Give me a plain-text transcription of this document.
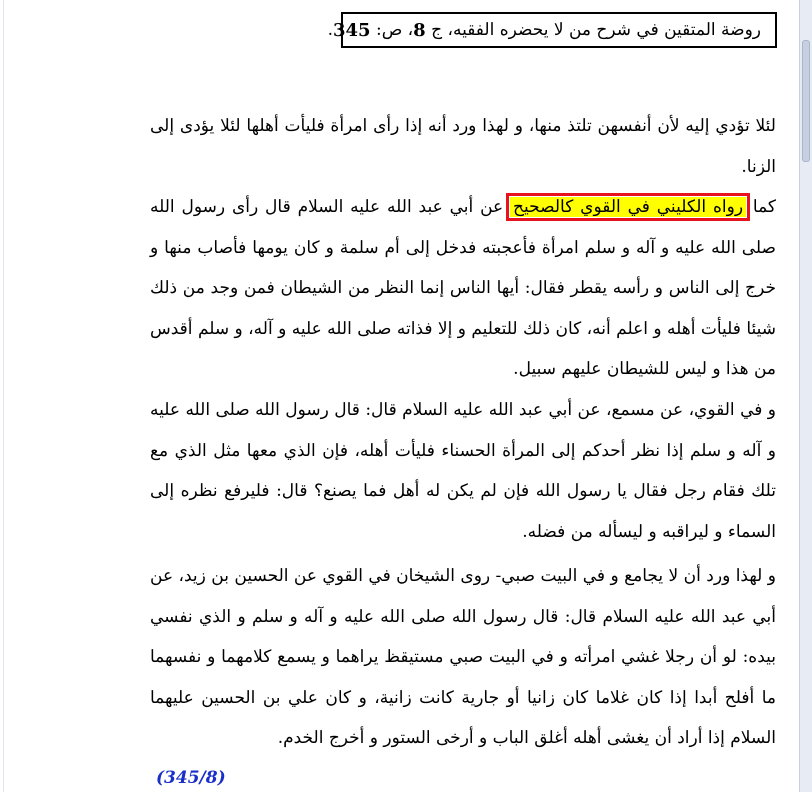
روضة المتقين في شرح من لا يحضره الفقيه، ج

8
،
ص:

345
.
لئلا تؤدي إليه لأن أنفسهن تلتذ منها، و لهذا ورد أنه إذا رأى امرأة فليأت أهلها لئلا يؤدى إلى الزنا.
كما رواه الكليني في القوي كالصحيح عن أبي عبد الله عليه السلام قال رأى رسول الله صلى الله عليه و آله و سلم امرأة فأعجبته فدخل إلى أم سلمة و كان يومها فأصاب منها و خرج إلى الناس و رأسه يقطر فقال: أيها الناس إنما النظر من الشيطان فمن وجد من ذلك شيئا فليأت أهله و اعلم أنه، كان ذلك للتعليم و إلا فذاته صلى الله عليه و آله، و سلم أقدس من هذا و ليس للشيطان عليهم سبيل.
و في القوي، عن مسمع، عن أبي عبد الله عليه السلام قال: قال رسول الله صلى الله عليه و آله و سلم إذا نظر أحدكم إلى المرأة الحسناء فليأت أهله، فإن الذي معها مثل الذي مع تلك فقام رجل فقال يا رسول الله فإن لم يكن له أهل فما يصنع؟ قال: فليرفع نظره إلى السماء و ليراقبه و ليسأله من فضله.
و لهذا ورد أن لا يجامع و في البيت صبي- روى الشيخان في القوي عن الحسين بن زيد، عن أبي عبد الله عليه السلام قال: قال رسول الله صلى الله عليه و آله و سلم و الذي نفسي بيده: لو أن رجلا غشي امرأته و في البيت صبي مستيقظ يراهما و يسمع كلامهما و نفسهما ما أفلح أبدا إذا كان غلاما كان زانيا أو جارية كانت زانية، و كان علي بن الحسين عليهما السلام إذا أراد أن يغشى أهله أغلق الباب و أرخى الستور و أخرج الخدم.
(345/8)
